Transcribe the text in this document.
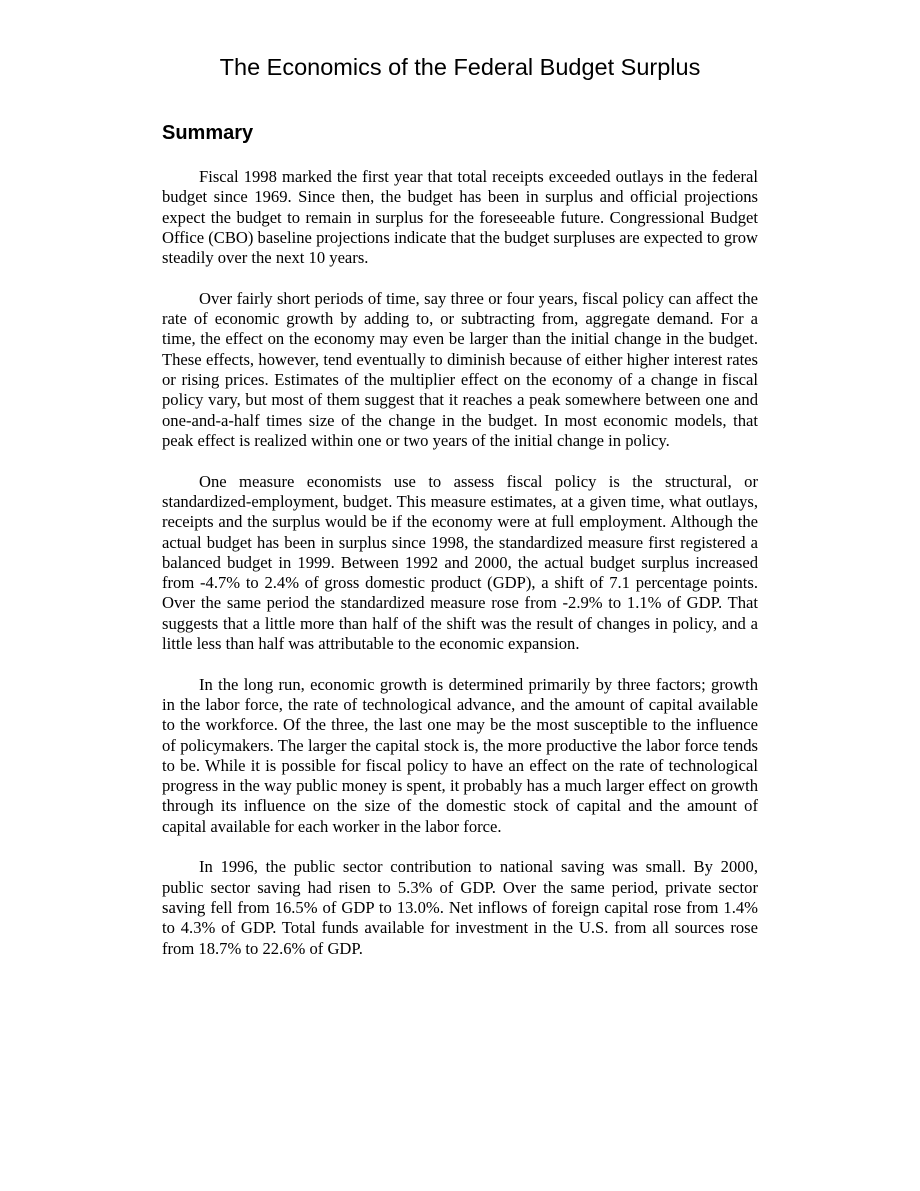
The Economics of the Federal Budget Surplus
Summary

Fiscal 1998 marked the first year that total receipts exceeded outlays in the federal budget since 1969. Since then, the budget has been in surplus and official projections expect the budget to remain in surplus for the foreseeable future. Congressional Budget Office (CBO) baseline projections indicate that the budget surpluses are expected to grow steadily over the next 10 years.

Over fairly short periods of time, say three or four years, fiscal policy can affect the rate of economic growth by adding to, or subtracting from, aggregate demand. For a time, the effect on the economy may even be larger than the initial change in the budget. These effects, however, tend eventually to diminish because of either higher interest rates or rising prices. Estimates of the multiplier effect on the economy of a change in fiscal policy vary, but most of them suggest that it reaches a peak somewhere between one and one-and-a-half times size of the change in the budget. In most economic models, that peak effect is realized within one or two years of the initial change in policy.

One measure economists use to assess fiscal policy is the structural, or standardized-employment, budget. This measure estimates, at a given time, what outlays, receipts and the surplus would be if the economy were at full employment. Although the actual budget has been in surplus since 1998, the standardized measure first registered a balanced budget in 1999. Between 1992 and 2000, the actual budget surplus increased from -4.7% to 2.4% of gross domestic product (GDP), a shift of 7.1 percentage points. Over the same period the standardized measure rose from -2.9% to 1.1% of GDP. That suggests that a little more than half of the shift was the result of changes in policy, and a little less than half was attributable to the economic expansion.

In the long run, economic growth is determined primarily by three factors; growth in the labor force, the rate of technological advance, and the amount of capital available to the workforce. Of the three, the last one may be the most susceptible to the influence of policymakers. The larger the capital stock is, the more productive the labor force tends to be. While it is possible for fiscal policy to have an effect on the rate of technological progress in the way public money is spent, it probably has a much larger effect on growth through its influence on the size of the domestic stock of capital and the amount of capital available for each worker in the labor force.

In 1996, the public sector contribution to national saving was small. By 2000, public sector saving had risen to 5.3% of GDP. Over the same period, private sector saving fell from 16.5% of GDP to 13.0%. Net inflows of foreign capital rose from 1.4% to 4.3% of GDP. Total funds available for investment in the U.S. from all sources rose from 18.7% to 22.6% of GDP.
